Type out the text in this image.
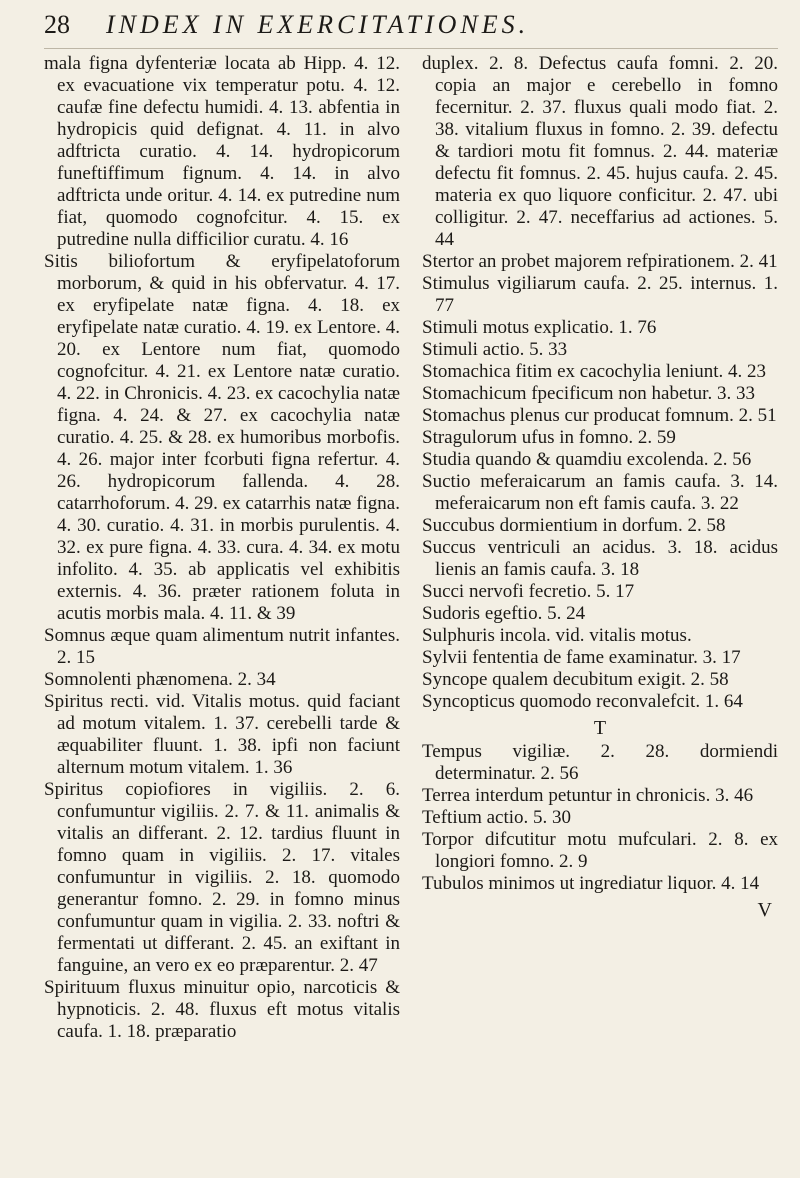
28 INDEX IN EXERCITATIONES.

mala figna dyfenteriæ locata ab Hipp. 4. 12. ex evacuatione vix temperatur potu. 4. 12. caufæ fine defectu humidi. 4. 13. abfentia in hydropicis quid defignat. 4. 11. in alvo adftricta curatio. 4. 14. hydropicorum funeftiffimum fignum. 4. 14. in alvo adftricta unde oritur. 4. 14. ex putredine num fiat, quomodo cognofcitur. 4. 15. ex putredine nulla difficilior curatu. 4. 16

Sitis biliofortum & eryfipelatoforum morborum, & quid in his obfervatur. 4. 17. ex eryfipelate natæ figna. 4. 18. ex eryfipelate natæ curatio. 4. 19. ex Lentore. 4. 20. ex Lentore num fiat, quomodo cognofcitur. 4. 21. ex Lentore natæ curatio. 4. 22. in Chronicis. 4. 23. ex cacochylia natæ figna. 4. 24. & 27. ex cacochylia natæ curatio. 4. 25. & 28. ex humoribus morbofis. 4. 26. major inter fcorbuti figna refertur. 4. 26. hydropicorum fallenda. 4. 28. catarrhoforum. 4. 29. ex catarrhis natæ figna. 4. 30. curatio. 4. 31. in morbis purulentis. 4. 32. ex pure figna. 4. 33. cura. 4. 34. ex motu infolito. 4. 35. ab applicatis vel exhibitis externis. 4. 36. præter rationem foluta in acutis morbis mala. 4. 11. & 39

Somnus æque quam alimentum nutrit infantes. 2. 15

Somnolenti phænomena. 2. 34

Spiritus recti. vid. Vitalis motus. quid faciant ad motum vitalem. 1. 37. cerebelli tarde & æquabiliter fluunt. 1. 38. ipfi non faciunt alternum motum vitalem. 1. 36

Spiritus copiofiores in vigiliis. 2. 6. confumuntur vigiliis. 2. 7. & 11. animalis & vitalis an differant. 2. 12. tardius fluunt in fomno quam in vigiliis. 2. 17. vitales confumuntur in vigiliis. 2. 18. quomodo generantur fomno. 2. 29. in fomno minus confumuntur quam in vigilia. 2. 33. noftri & fermentati ut differant. 2. 45. an exiftant in fanguine, an vero ex eo præparentur. 2. 47

Spirituum fluxus minuitur opio, narcoticis & hypnoticis. 2. 48. fluxus eft motus vitalis caufa. 1. 18. præparatio

duplex. 2. 8. Defectus caufa fomni. 2. 20. copia an major e cerebello in fomno fecernitur. 2. 37. fluxus quali modo fiat. 2. 38. vitalium fluxus in fomno. 2. 39. defectu & tardiori motu fit fomnus. 2. 44. materiæ defectu fit fomnus. 2. 45. hujus caufa. 2. 45. materia ex quo liquore conficitur. 2. 47. ubi colligitur. 2. 47. neceffarius ad actiones. 5. 44

Stertor an probet majorem refpirationem. 2. 41

Stimulus vigiliarum caufa. 2. 25. internus. 1. 77

Stimuli motus explicatio. 1. 76

Stimuli actio. 5. 33

Stomachica fitim ex cacochylia leniunt. 4. 23

Stomachicum fpecificum non habetur. 3. 33

Stomachus plenus cur producat fomnum. 2. 51

Stragulorum ufus in fomno. 2. 59

Studia quando & quamdiu excolenda. 2. 56

Suctio meferaicarum an famis caufa. 3. 14. meferaicarum non eft famis caufa. 3. 22

Succubus dormientium in dorfum. 2. 58

Succus ventriculi an acidus. 3. 18. acidus lienis an famis caufa. 3. 18

Succi nervofi fecretio. 5. 17

Sudoris egeftio. 5. 24

Sulphuris incola. vid. vitalis motus.

Sylvii fententia de fame examinatur. 3. 17

Syncope qualem decubitum exigit. 2. 58

Syncopticus quomodo reconvalefcit. 1. 64

T

Tempus vigiliæ. 2. 28. dormiendi determinatur. 2. 56

Terrea interdum petuntur in chronicis. 3. 46

Teftium actio. 5. 30

Torpor difcutitur motu mufculari. 2. 8. ex longiori fomno. 2. 9

Tubulos minimos ut ingrediatur liquor. 4. 14

V
